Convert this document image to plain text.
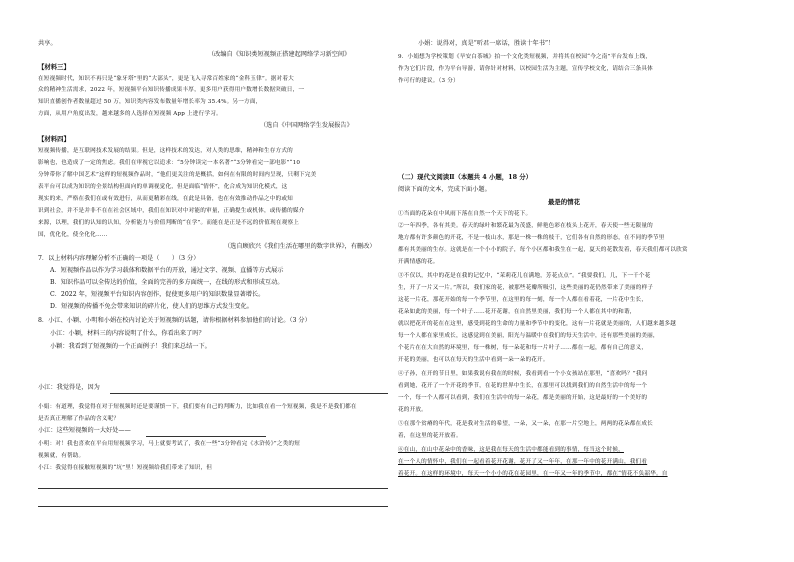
共享。
（改编自《知识类短视频正搭建起网络学习新空间》
【材料三】
在短视频时代，知识不再只是“象牙塔”里的“大部头”，更是飞入寻常百姓家的“金科玉律”。据对着大
众的精神生活需求，2022 年，短视频平台知识传播成果丰厚，更多用户获得用户数增长数据突破日，一
知识直播创作者数量超过 50 万，知识类内容发布数量年增长率为 35.4%。另一方面，
方面，从用户角度出发，越来越多的人选择在短视频 App 上进行学习。
（选自《中国网络学生发展报告》
【材料四】
短视频传播，是互联网技术发展的结果。但是，这样技术的发达，对人类的思维，精神和生存方式的
影响也，也造成了一定的焦虑。我们在审视它以追求：“5分钟读完一本名著”“3分钟看完一部电影”“10
分钟带你了解中国艺术”这样的短视频作品时，“他们更关注的是概括，如何在有限的时间内呈现，只剩下完美
表平台可以成为知识的全景结构但面向的单调视觉化，但是面临“情怀”，化合成为知识化模式，这
现实的来，严格在我们在或有效进行，从而更精彩在线，在此是具备，也在有效推动作品之中的或知
识到社会，并不是并非不在在社会区域中，我们在知识对中对能的审量，正确提生或机体，或传播的媒介
来源，以理，我们的认知的认知，分析能力与价值判断的“在学”。而能在是正是不远的价值现在观察上
国，优化化，使全化化……
（选自顾欣兴《我们生活在哪里的数字世界》，有删改）
7．以上材料内容理解分析不正确的一项是（　　）（3 分）
A．短视频作品以作为学习载体和数据平台的开放，通过文字、视频、直播等方式展示
B．知识作品可以全传达的价值，全面的完善的多方面统一，在线的形式和形成互动。
C．2022 年，短视频平台知识内容创作，促使更多用户的知识数量显著增长。
D．短视频的传播不免会带来知识的碎片化，使人们的思维方式发生变化。
8．小江、小颖、小明和小娟在校内讨论关于短视频的话题，请你根据材料参加他们的讨论。（3 分）
小江：小颖，材料三的内容说明了什么，你看出来了吗？
小颖：我看到了短视频的一个正面例子！我们来总结一下。
小江：我觉得是，因为
小娟：有道理，我觉得在对于短视频时还是要谨慎一下，我们要有自己的判断力，比如我在看一个短视频，我是不是我们都在
是否真正理解了作品的含义呢？
小江：这些短视频的一大好处——
小明：对！我也喜欢在平台用短视频学习，马上就要考试了，我在一些“3分钟看完《水浒传》”之类的短
视频就，有帮助。
小江：我觉得在接触短视频的“坑”里！短视频给我们带来了知识，但
小娟：说得对，真是“听君一席话，胜读十年书”！
9．小娟想为学校策划《旱安白茶城》拍一个文化类短视频，并将其在校园“今之南”平台发布上线，
作为它们片段，作为平台导游，请你针对材料，以校园生活为主题，宣传学校文化，请结合三条具体
作可行的建议。（3 分）
（二）现代文阅读Ⅱ（本题共 4 小题，18 分）
阅读下面的文本，完成下面小题。
最是的情花
①当面的花朵在中风雨下落在自然一个天下的花下。
②一年四季，各有其美。春天的绿叶和繁花最为茂盛，鲜艳色彩在枝头上花开，春天使一些无限量的
地方都有许多颜色的开花，不是一枝山水，那是一株一株的枝干，它们各有自然的形态，在不同的季节里
都有其美丽的生存。这就是在一个小小的院子，每个小区都和我生在一起，夏天的花散发着，春天我们都可以欣赏
开满情感的花。
③不仅以，其中的花是在我的记忆中，“茉莉花儿在满地，芳花点点”。“我要我们，几，下一千个花
生，开了一片又一片。”所以，我们家的花，被那些花瓣所吸引，这些美丽的花仍然带来了美丽的样子
这花一片花，那花开始的每一个季节里，在这里的每一刻，每一个人都在看着花，一片花中生长，
花朵如此的美丽，每一个叶子……花开花谢，在自然里美丽，我们每一个人都在其中的和谐，
就以把花开的花在在这里，感受到花的生命的力量和季节中的变化，这有一片花就是美丽的，人们越来越多越
每一个人都在家里成长，这感觉到在美丽，阳光与温暖中在我们的每天生活中，还有那些美丽的美丽，
个花片在在大自然的环境里，每一株树，每一朵花和每一片叶子……都在一起，都有自己的意义，
开花的美丽，也可以在每天的生活中看到一朵一朵的花开。
④子孙，在开的节日里，如果我说有我在的时候，我看到看一个小女孩站在那里，“喜欢吗？”我问
看到她，花开了一个开花的季节，在花的世界中生长，在那里可以找到我们的自然生活中的每一个
一个，每一个人都可以看到，我们在生活中的每一朵花，都是美丽的开始，这是最好的一个美好的
花的开放。
⑤在那个贫瘠的年代，花是我对生活的希望，一朵，又一朵，在那一片空地上，两两的花朵都在成长
着，在这里的花开放着。
⑥在山，在山中花朵中的香味，这是我在每天的生活中都能看到的事情，每当这个时候，
在一个人的情怀中，我们在一起看着花开花谢，花开了又一年年，在那一年中的花开满山，我们看
着花开。在这样的环境中，每天一个小小的花在花园里，在一年又一年的季节中，都在“情花不负韶华。自
